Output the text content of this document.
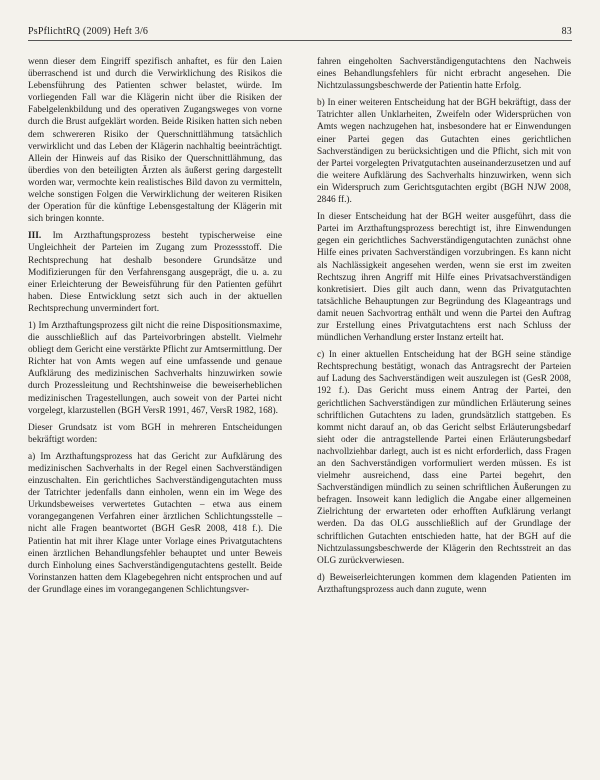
PsPflichtRQ (2009) Heft 3/6	83

wenn dieser dem Eingriff spezifisch anhaftet, es für den Laien überraschend ist und durch die Verwirklichung des Risikos die Lebensführung des Patienten schwer belastet, würde. Im vorliegenden Fall war die Klägerin nicht über die Risiken der Fabelgelenkbildung und des operativen Zugangsweges von vorne durch die Brust aufgeklärt worden. Beide Risiken hatten sich neben dem schwereren Risiko der Querschnittlähmung tatsächlich verwirklicht und das Leben der Klägerin nachhaltig beeinträchtigt. Allein der Hinweis auf das Risiko der Querschnittlähmung, das überdies von den beteiligten Ärzten als äußerst gering dargestellt worden war, vermochte kein realistisches Bild davon zu vermitteln, welche sonstigen Folgen die Verwirklichung der weiteren Risiken der Operation für die künftige Lebensgestaltung der Klägerin mit sich bringen konnte.

III. Im Arzthaftungsprozess besteht typischerweise eine Ungleichheit der Parteien im Zugang zum Prozessstoff. Die Rechtsprechung hat deshalb besondere Grundsätze und Modifizierungen für den Verfahrensgang ausgeprägt, die u. a. zu einer Erleichterung der Beweisführung für den Patienten geführt haben. Diese Entwicklung setzt sich auch in der aktuellen Rechtsprechung unvermindert fort.

1) Im Arzthaftungsprozess gilt nicht die reine Dispositionsmaxime, die ausschließlich auf das Parteivorbringen abstellt. Vielmehr obliegt dem Gericht eine verstärkte Pflicht zur Amtsermittlung. Der Richter hat von Amts wegen auf eine umfassende und genaue Aufklärung des medizinischen Sachverhalts hinzuwirken sowie durch Prozessleitung und Rechtshinweise die beweiserheblichen medizinischen Tragestellungen, auch soweit von der Partei nicht vorgelegt, klarzustellen (BGH VersR 1991, 467, VersR 1982, 168).

Dieser Grundsatz ist vom BGH in mehreren Entscheidungen bekräftigt worden:

a) Im Arzthaftungsprozess hat das Gericht zur Aufklärung des medizinischen Sachverhalts in der Regel einen Sachverständigen einzuschalten. Ein gerichtliches Sachverständigengutachten muss der Tatrichter jedenfalls dann einholen, wenn ein im Wege des Urkundsbeweises verwertetes Gutachten – etwa aus einem vorangegangenen Verfahren einer ärztlichen Schlichtungsstelle – nicht alle Fragen beantwortet (BGH GesR 2008, 418 f.). Die Patientin hat mit ihrer Klage unter Vorlage eines Privatgutachtens einen ärztlichen Behandlungsfehler behauptet und unter Beweis durch Einholung eines Sachverständigengutachtens gestellt. Beide Vorinstanzen hatten dem Klagebegehren nicht entsprochen und auf der Grundlage eines im vorangegangenen Schlichtungsver-

fahren eingeholten Sachverständigengutachtens den Nachweis eines Behandlungsfehlers für nicht erbracht angesehen. Die Nichtzulassungsbeschwerde der Patientin hatte Erfolg.

b) In einer weiteren Entscheidung hat der BGH bekräftigt, dass der Tatrichter allen Unklarheiten, Zweifeln oder Widersprüchen von Amts wegen nachzugehen hat, insbesondere hat er Einwendungen einer Partei gegen das Gutachten eines gerichtlichen Sachverständigen zu berücksichtigen und die Pflicht, sich mit von der Partei vorgelegten Privatgutachten auseinanderzusetzen und auf die weitere Aufklärung des Sachverhalts hinzuwirken, wenn sich ein Widerspruch zum Gerichtsgutachten ergibt (BGH NJW 2008, 2846 ff.).

In dieser Entscheidung hat der BGH weiter ausgeführt, dass die Partei im Arzthaftungsprozess berechtigt ist, ihre Einwendungen gegen ein gerichtliches Sachverständigengutachten zunächst ohne Hilfe eines privaten Sachverständigen vorzubringen. Es kann nicht als Nachlässigkeit angesehen werden, wenn sie erst im zweiten Rechtszug ihren Angriff mit Hilfe eines Privatsachverständigen konkretisiert. Dies gilt auch dann, wenn das Privatgutachten tatsächliche Behauptungen zur Begründung des Klageantrags und damit neuen Sachvortrag enthält und wenn die Partei den Auftrag zur Erstellung eines Privatgutachtens erst nach Schluss der mündlichen Verhandlung erster Instanz erteilt hat.

c) In einer aktuellen Entscheidung hat der BGH seine ständige Rechtsprechung bestätigt, wonach das Antragsrecht der Parteien auf Ladung des Sachverständigen weit auszulegen ist (GesR 2008, 192 f.). Das Gericht muss einem Antrag der Partei, den gerichtlichen Sachverständigen zur mündlichen Erläuterung seines schriftlichen Gutachtens zu laden, grundsätzlich stattgeben. Es kommt nicht darauf an, ob das Gericht selbst Erläuterungsbedarf sieht oder die antragstellende Partei einen Erläuterungsbedarf nachvollziehbar darlegt, auch ist es nicht erforderlich, dass Fragen an den Sachverständigen vorformuliert werden müssen. Es ist vielmehr ausreichend, dass eine Partei begehrt, den Sachverständigen mündlich zu seinen schriftlichen Äußerungen zu befragen. Insoweit kann lediglich die Angabe einer allgemeinen Zielrichtung der erwarteten oder erhofften Aufklärung verlangt werden. Da das OLG ausschließlich auf der Grundlage der schriftlichen Gutachten entschieden hatte, hat der BGH auf die Nichtzulassungsbeschwerde der Klägerin den Rechtsstreit an das OLG zurückverwiesen.

d) Beweiserleichterungen kommen dem klagenden Patienten im Arzthaftungsprozess auch dann zugute, wenn
